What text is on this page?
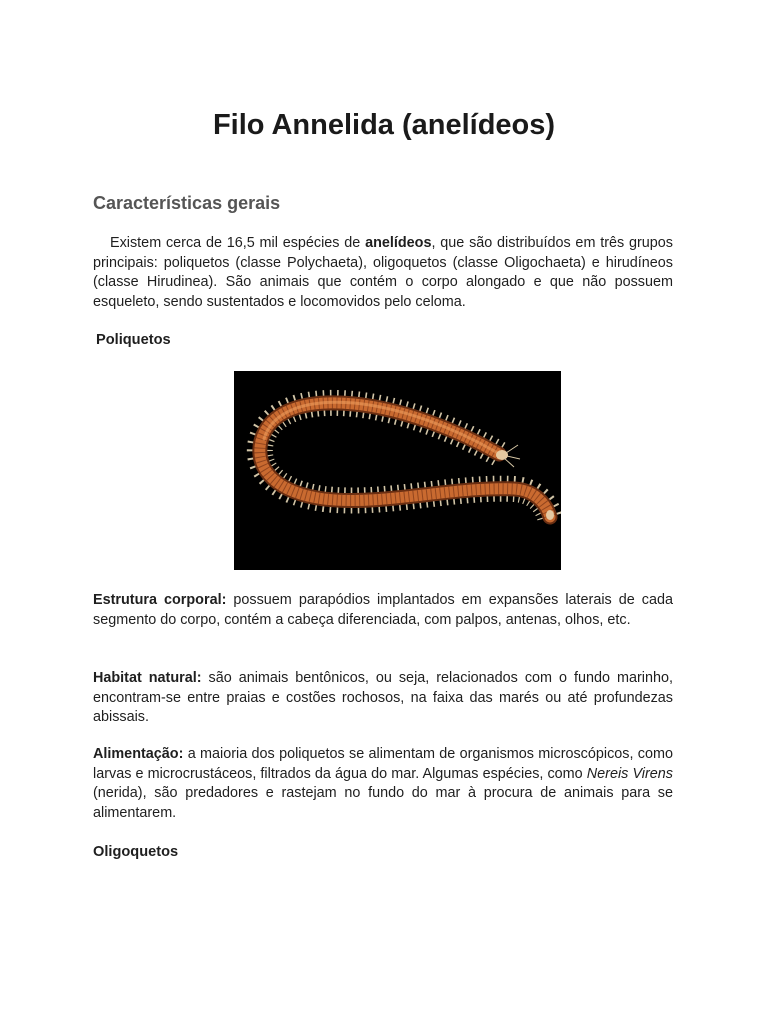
Filo Annelida (anelídeos)
Características gerais

Existem cerca de 16,5 mil espécies de anelídeos, que são distribuídos em três grupos principais: poliquetos (classe Polychaeta), oligoquetos (classe Oligochaeta) e hirudíneos (classe Hirudinea). São animais que contém o corpo alongado e que não possuem esqueleto, sendo sustentados e locomovidos pelo celoma.

Poliquetos

Estrutura corporal: possuem parapódios implantados em expansões laterais de cada segmento do corpo, contém a cabeça diferenciada, com palpos, antenas, olhos, etc.

Habitat natural: são animais bentônicos, ou seja, relacionados com o fundo marinho, encontram-se entre praias e costões rochosos, na faixa das marés ou até profundezas abissais.

Alimentação: a maioria dos poliquetos se alimentam de organismos microscópicos, como larvas e microcrustáceos, filtrados da água do mar. Algumas espécies, como Nereis Virens (nerida), são predadores e rastejam no fundo do mar à procura de animais para se alimentarem.

Oligoquetos
